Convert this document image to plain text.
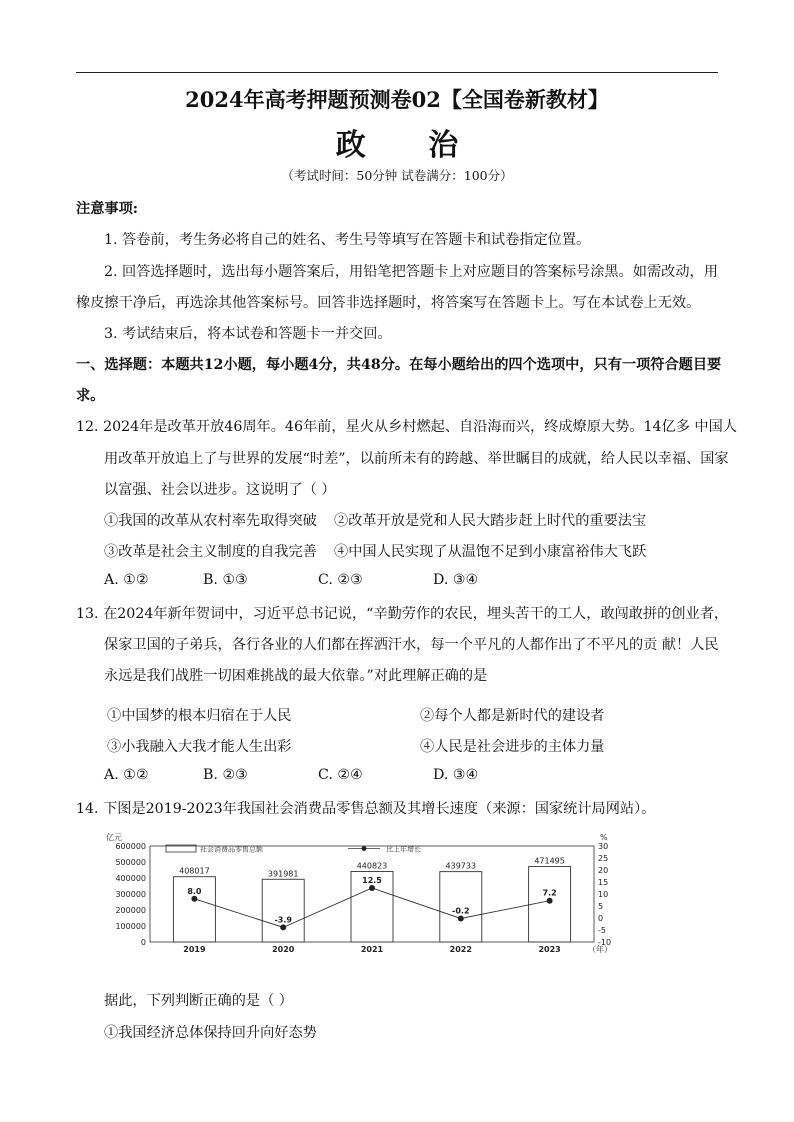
2024年高考押题预测卷02【全国卷新教材】
政 治
（考试时间：50分钟 试卷满分：100分）
注意事项:
1. 答卷前，考生务必将自己的姓名、考生号等填写在答题卡和试卷指定位置。
2. 回答选择题时，选出每小题答案后，用铅笔把答题卡上对应题目的答案标号涂黑。如需改动，用
橡皮擦干净后，再选涂其他答案标号。回答非选择题时，将答案写在答题卡上。写在本试卷上无效。
3. 考试结束后，将本试卷和答题卡一并交回。
一、选择题：本题共12小题，每小题4分，共48分。在每小题给出的四个选项中，只有一项符合题目要
求。
12. 2024年是改革开放46周年。46年前，星火从乡村燃起、自沿海而兴，终成燎原大势。14亿多 中国人
用改革开放追上了与世界的发展“时差”，以前所未有的跨越、举世瞩目的成就，给人民以幸福、国家
以富强、社会以进步。这说明了（ ）
①我国的改革从农村率先取得突破 ②改革开放是党和人民大踏步赶上时代的重要法宝
③改革是社会主义制度的自我完善 ④中国人民实现了从温饱不足到小康富裕伟大飞跃
A. ①②	B. ①③	C. ②③	D. ③④
13. 在2024年新年贺词中，习近平总书记说，“辛勤劳作的农民，埋头苦干的工人，敢闯敢拼的创业者，
保家卫国的子弟兵，各行各业的人们都在挥洒汗水，每一个平凡的人都作出了不平凡的贡 献！人民
永远是我们战胜一切困难挑战的最大依靠。”对此理解正确的是
①中国梦的根本归宿在于人民	②每个人都是新时代的建设者
③小我融入大我才能人生出彩	④人民是社会进步的主体力量
A. ①②	B. ②③	C. ②④	D. ③④
14. 下图是2019-2023年我国社会消费品零售总额及其增长速度（来源：国家统计局网站）。
亿元	%
社会消费品零售总额	比上年增长
0
100000
200000
300000
400000
500000
600000
-10
-5
0
5
10
15
20
25
30
408017
2019
391981
2020
440823
2021
439733
2022
471495
2023	（年）
8.0
-3.9
12.5
-0.2
7.2
据此，下列判断正确的是（ ）
①我国经济总体保持回升向好态势
